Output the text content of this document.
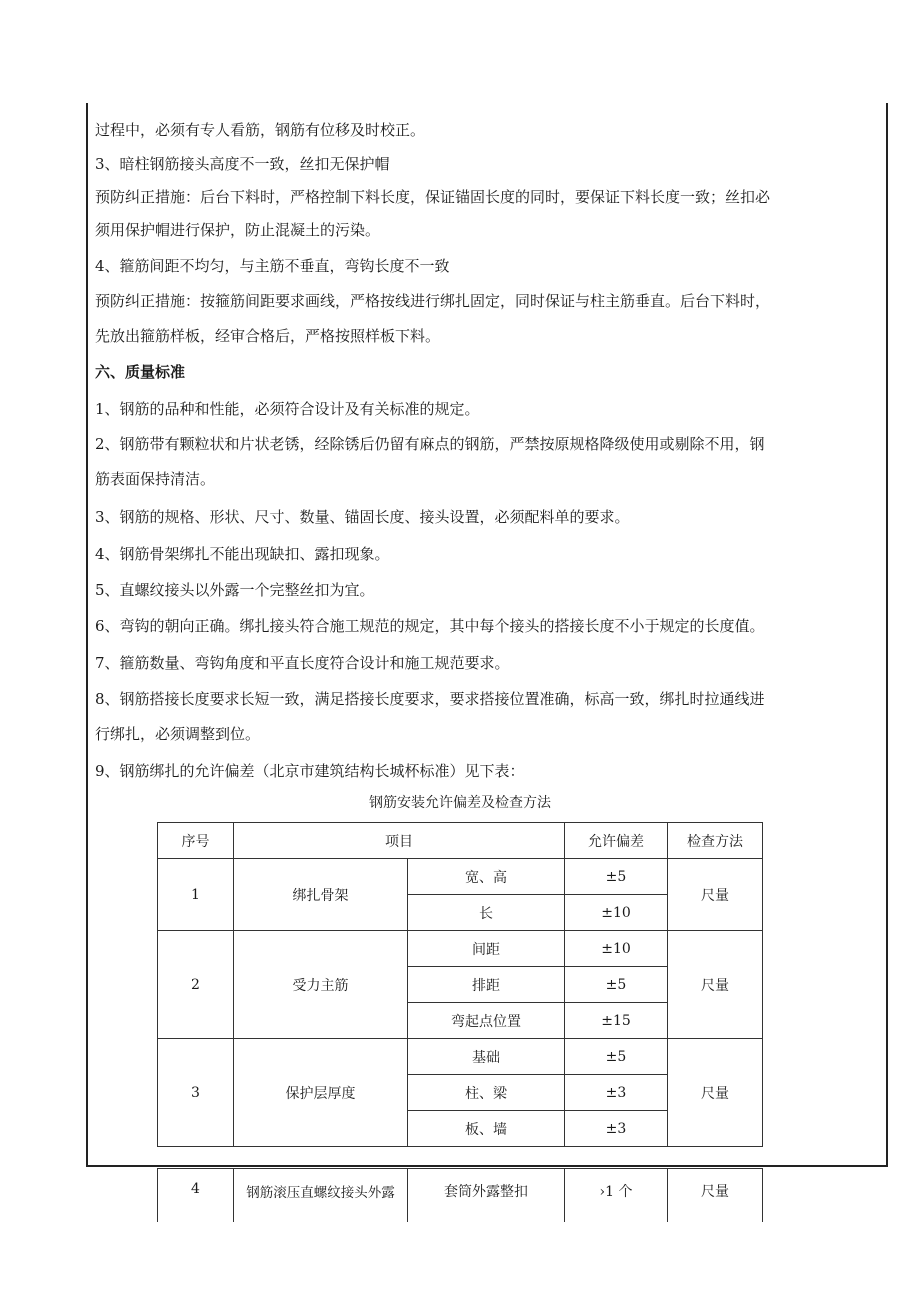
过程中，必须有专人看筋，钢筋有位移及时校正。
3、暗柱钢筋接头高度不一致，丝扣无保护帽
预防纠正措施：后台下料时，严格控制下料长度，保证锚固长度的同时，要保证下料长度一致；丝扣必
须用保护帽进行保护，防止混凝土的污染。
4、箍筋间距不均匀，与主筋不垂直，弯钩长度不一致
预防纠正措施：按箍筋间距要求画线，严格按线进行绑扎固定，同时保证与柱主筋垂直。后台下料时，
先放出箍筋样板，经审合格后，严格按照样板下料。
六、质量标准
1、钢筋的品种和性能，必须符合设计及有关标准的规定。
2、钢筋带有颗粒状和片状老锈，经除锈后仍留有麻点的钢筋，严禁按原规格降级使用或剔除不用，钢
筋表面保持清洁。
3、钢筋的规格、形状、尺寸、数量、锚固长度、接头设置，必须配料单的要求。
4、钢筋骨架绑扎不能出现缺扣、露扣现象。
5、直螺纹接头以外露一个完整丝扣为宜。
6、弯钩的朝向正确。绑扎接头符合施工规范的规定，其中每个接头的搭接长度不小于规定的长度值。
7、箍筋数量、弯钩角度和平直长度符合设计和施工规范要求。
8、钢筋搭接长度要求长短一致，满足搭接长度要求，要求搭接位置准确，标高一致，绑扎时拉通线进
行绑扎，必须调整到位。
9、钢筋绑扎的允许偏差（北京市建筑结构长城杯标准）见下表：
钢筋安装允许偏差及检查方法
序号	项目		允许偏差	检查方法
1	绑扎骨架	宽、高	±5	尺量
		长	±10	
2	受力主筋	间距	±10	尺量
		排距	±5	
		弯起点位置	±15	
3	保护层厚度	基础	±5	尺量
		柱、梁	±3	
		板、墙	±3	
4	钢筋滚压直螺纹接头外露	套筒外露整扣	›1 个	尺量
